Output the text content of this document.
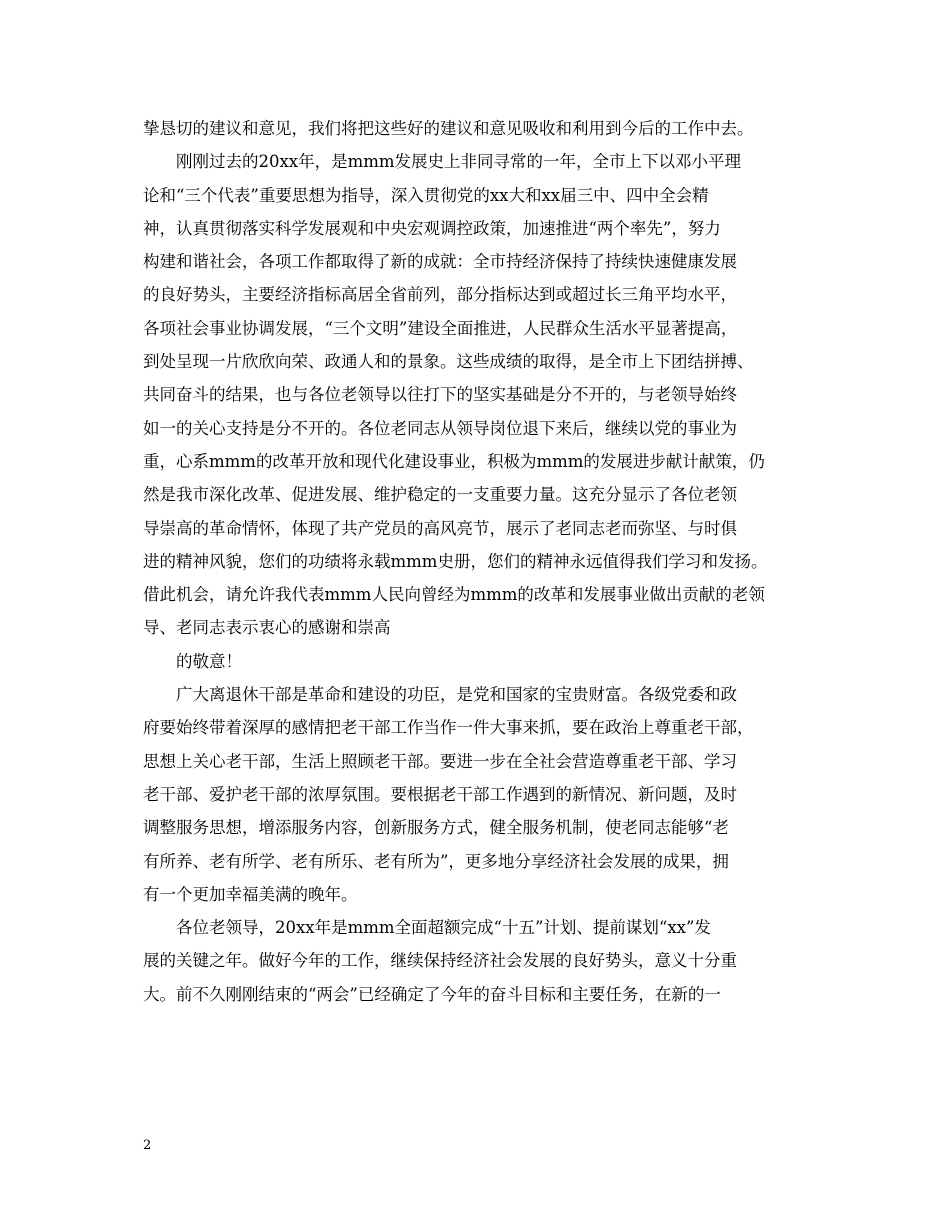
挚恳切的建议和意见，我们将把这些好的建议和意见吸收和利用到今后的工作中去。
刚刚过去的20xx年，是mmm发展史上非同寻常的一年，全市上下以邓小平理
论和“三个代表”重要思想为指导，深入贯彻党的xx大和xx届三中、四中全会精
神，认真贯彻落实科学发展观和中央宏观调控政策，加速推进“两个率先”，努力
构建和谐社会，各项工作都取得了新的成就：全市持经济保持了持续快速健康发展
的良好势头，主要经济指标高居全省前列，部分指标达到或超过长三角平均水平，
各项社会事业协调发展，“三个文明”建设全面推进，人民群众生活水平显著提高，
到处呈现一片欣欣向荣、政通人和的景象。这些成绩的取得，是全市上下团结拼搏、
共同奋斗的结果，也与各位老领导以往打下的坚实基础是分不开的，与老领导始终
如一的关心支持是分不开的。各位老同志从领导岗位退下来后，继续以党的事业为
重，心系mmm的改革开放和现代化建设事业，积极为mmm的发展进步献计献策，仍
然是我市深化改革、促进发展、维护稳定的一支重要力量。这充分显示了各位老领
导崇高的革命情怀，体现了共产党员的高风亮节，展示了老同志老而弥坚、与时俱
进的精神风貌，您们的功绩将永载mmm史册，您们的精神永远值得我们学习和发扬。
借此机会，请允许我代表mmm人民向曾经为mmm的改革和发展事业做出贡献的老领
导、老同志表示衷心的感谢和崇高
的敬意！
广大离退休干部是革命和建设的功臣，是党和国家的宝贵财富。各级党委和政
府要始终带着深厚的感情把老干部工作当作一件大事来抓，要在政治上尊重老干部，
思想上关心老干部，生活上照顾老干部。要进一步在全社会营造尊重老干部、学习
老干部、爱护老干部的浓厚氛围。要根据老干部工作遇到的新情况、新问题，及时
调整服务思想，增添服务内容，创新服务方式，健全服务机制，使老同志能够“老
有所养、老有所学、老有所乐、老有所为”，更多地分享经济社会发展的成果，拥
有一个更加幸福美满的晚年。
各位老领导，20xx年是mmm全面超额完成“十五”计划、提前谋划“xx”发
展的关键之年。做好今年的工作，继续保持经济社会发展的良好势头，意义十分重
大。前不久刚刚结束的“两会”已经确定了今年的奋斗目标和主要任务，在新的一
2
